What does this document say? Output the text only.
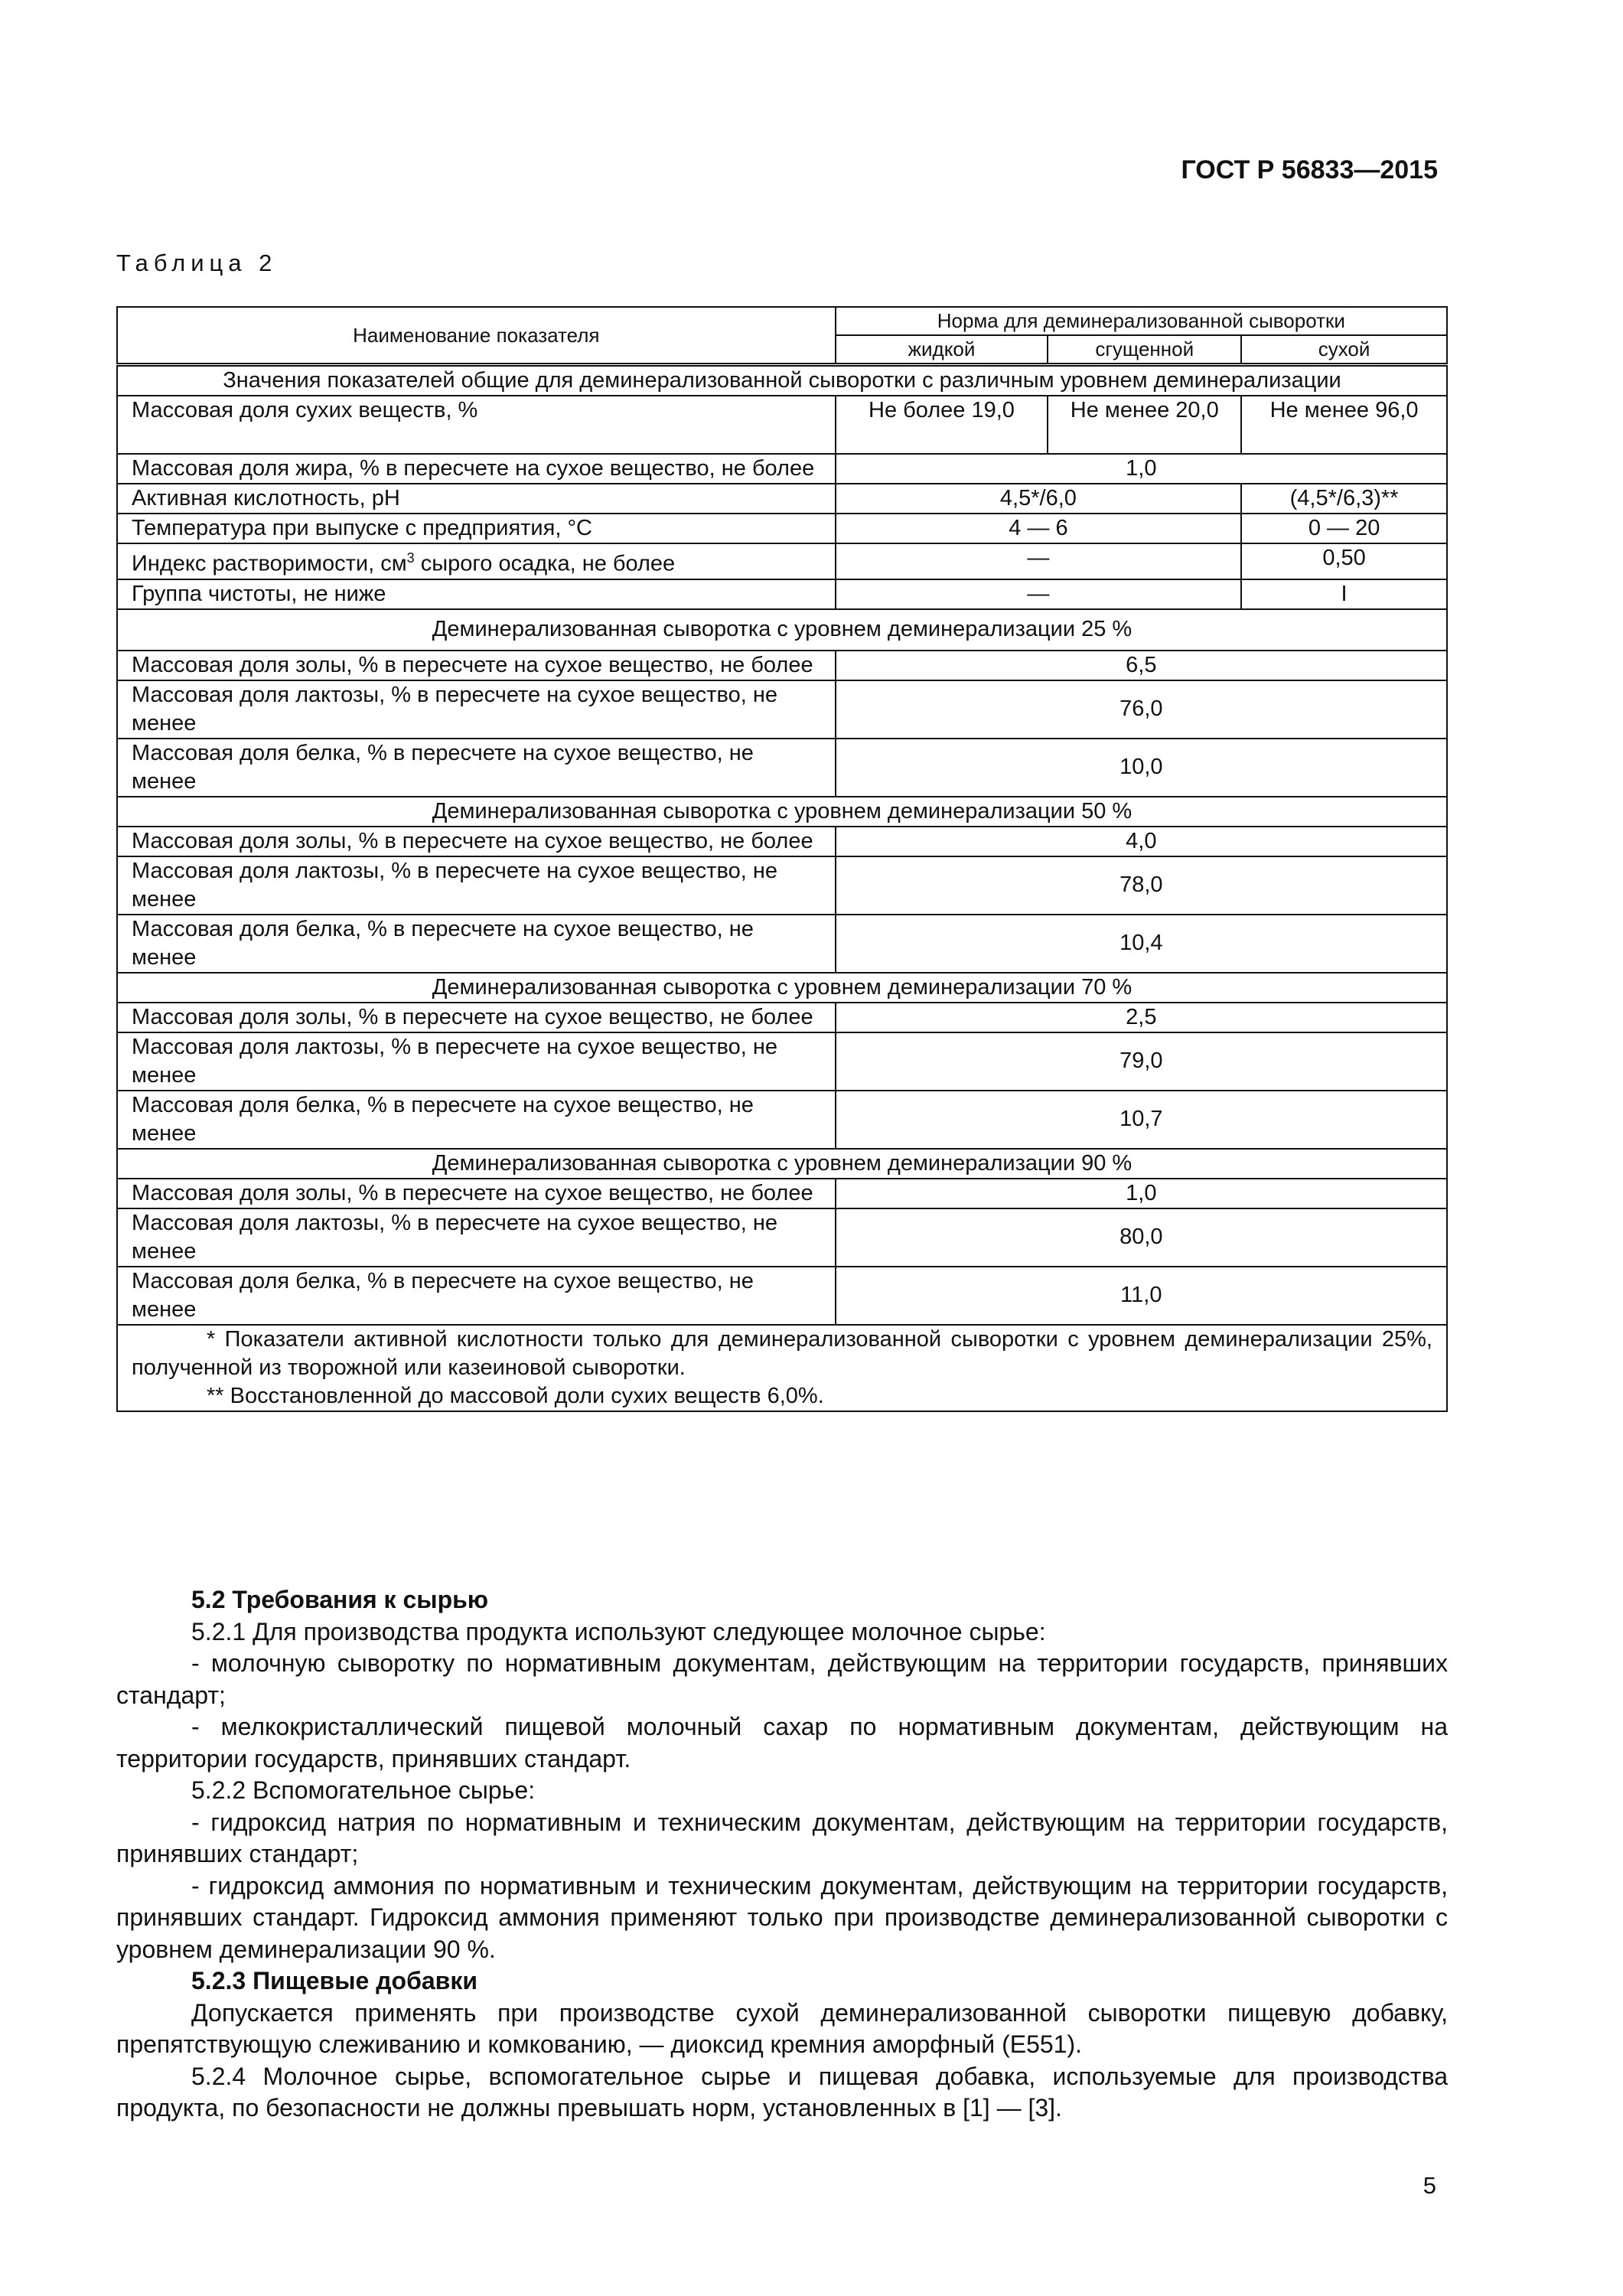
ГОСТ Р 56833—2015
Таблица 2
Наименование показателя	Норма для деминерализованной сыворотки		
	жидкой	сгущенной	сухой
Значения показателей общие для деминерализованной сыворотки с различным уровнем деминерализации			
Массовая доля сухих веществ, %	Не более 19,0	Не менее 20,0	Не менее 96,0
Массовая доля жира, % в пересчете на сухое вещество, не более	1,0		
Активная кислотность, pH	4,5*/6,0		(4,5*/6,3)**
Температура при выпуске с предприятия, °С	4 — 6		0 — 20
Индекс растворимости, $см^3$ сырого осадка, не более	—		0,50
Группа чистоты, не ниже	—		I
Деминерализованная сыворотка с уровнем деминерализации 25 %			
Массовая доля золы, % в пересчете на сухое вещество, не более	6,5		
Массовая доля лактозы, % в пересчете на сухое вещество, не менее	76,0		
Массовая доля белка, % в пересчете на сухое вещество, не менее	10,0		
Деминерализованная сыворотка с уровнем деминерализации 50 %			
Массовая доля золы, % в пересчете на сухое вещество, не более	4,0		
Массовая доля лактозы, % в пересчете на сухое вещество, не менее	78,0		
Массовая доля белка, % в пересчете на сухое вещество, не менее	10,4		
Деминерализованная сыворотка с уровнем деминерализации 70 %			
Массовая доля золы, % в пересчете на сухое вещество, не более	2,5		
Массовая доля лактозы, % в пересчете на сухое вещество, не менее	79,0		
Массовая доля белка, % в пересчете на сухое вещество, не менее	10,7		
Деминерализованная сыворотка с уровнем деминерализации 90 %			
Массовая доля золы, % в пересчете на сухое вещество, не более	1,0		
Массовая доля лактозы, % в пересчете на сухое вещество, не менее	80,0		
Массовая доля белка, % в пересчете на сухое вещество, не менее	11,0		

* Показатели активной кислотности только для деминерализованной сыворотки с уровнем деминерализации 25%, полученной из творожной или казеиновой сыворотки.

** Восстановленной до массовой доли сухих веществ 6,0%.			

5.2 Требования к сырью

5.2.1 Для производства продукта используют следующее молочное сырье:

- молочную сыворотку по нормативным документам, действующим на территории государств, принявших стандарт;

- мелкокристаллический пищевой молочный сахар по нормативным документам, действующим на территории государств, принявших стандарт.

5.2.2 Вспомогательное сырье:

- гидроксид натрия по нормативным и техническим документам, действующим на территории государств, принявших стандарт;

- гидроксид аммония по нормативным и техническим документам, действующим на территории государств, принявших стандарт. Гидроксид аммония применяют только при производстве деминерализованной сыворотки с уровнем деминерализации 90 %.

5.2.3 Пищевые добавки

Допускается применять при производстве сухой деминерализованной сыворотки пищевую добавку, препятствующую слеживанию и комкованию, — диоксид кремния аморфный (Е551).

5.2.4 Молочное сырье, вспомогательное сырье и пищевая добавка, используемые для производства продукта, по безопасности не должны превышать норм, установленных в [1] — [3].

5
